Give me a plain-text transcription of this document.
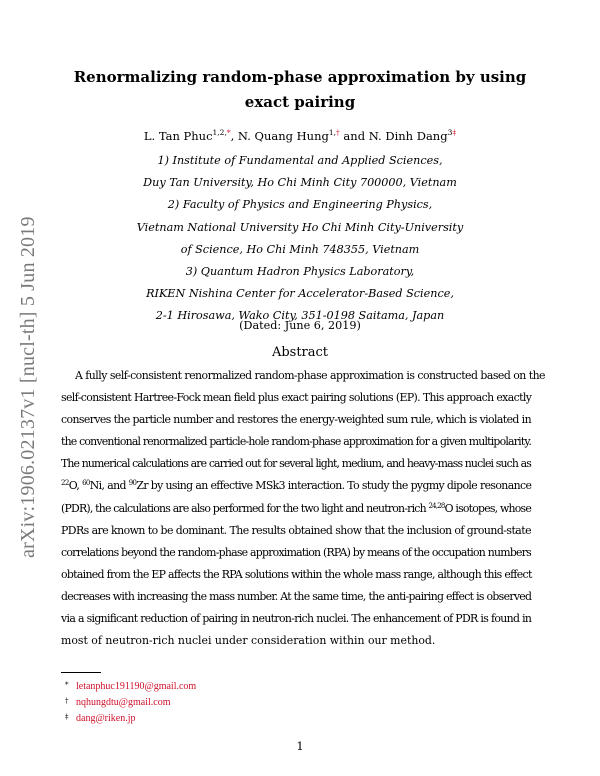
arXiv:1906.02137v1 [nucl-th] 5 Jun 2019
Renormalizing random-phase approximation by using exact pairing
L. Tan Phuc$^{1,2,*}$, N. Quang Hung$^{1,\dagger}$ and N. Dinh Dang$^{3\ddagger}$
1) Institute of Fundamental and Applied Sciences,
Duy Tan University, Ho Chi Minh City 700000, Vietnam
2) Faculty of Physics and Engineering Physics,
Vietnam National University Ho Chi Minh City-University
of Science, Ho Chi Minh 748355, Vietnam
3) Quantum Hadron Physics Laboratory,
RIKEN Nishina Center for Accelerator-Based Science,
2-1 Hirosawa, Wako City, 351-0198 Saitama, Japan
(Dated: June 6, 2019)
Abstract
A fully self-consistent renormalized random-phase approximation is constructed based on the
self-consistent Hartree-Fock mean field plus exact pairing solutions (EP). This approach exactly
conserves the particle number and restores the energy-weighted sum rule, which is violated in
the conventional renormalized particle-hole random-phase approximation for a given multipolarity.
The numerical calculations are carried out for several light, medium, and heavy-mass nuclei such as
$^{22}$O, $^{60}$Ni, and $^{90}$Zr by using an effective MSk3 interaction. To study the pygmy dipole resonance
(PDR), the calculations are also performed for the two light and neutron-rich $^{24,28}$O isotopes, whose
PDRs are known to be dominant. The results obtained show that the inclusion of ground-state
correlations beyond the random-phase approximation (RPA) by means of the occupation numbers
obtained from the EP affects the RPA solutions within the whole mass range, although this effect
decreases with increasing the mass number. At the same time, the anti-pairing effect is observed
via a significant reduction of pairing in neutron-rich nuclei. The enhancement of PDR is found in
most of neutron-rich nuclei under consideration within our method.
* letanphuc191190@gmail.com
† nqhungdtu@gmail.com
‡ dang@riken.jp
1
